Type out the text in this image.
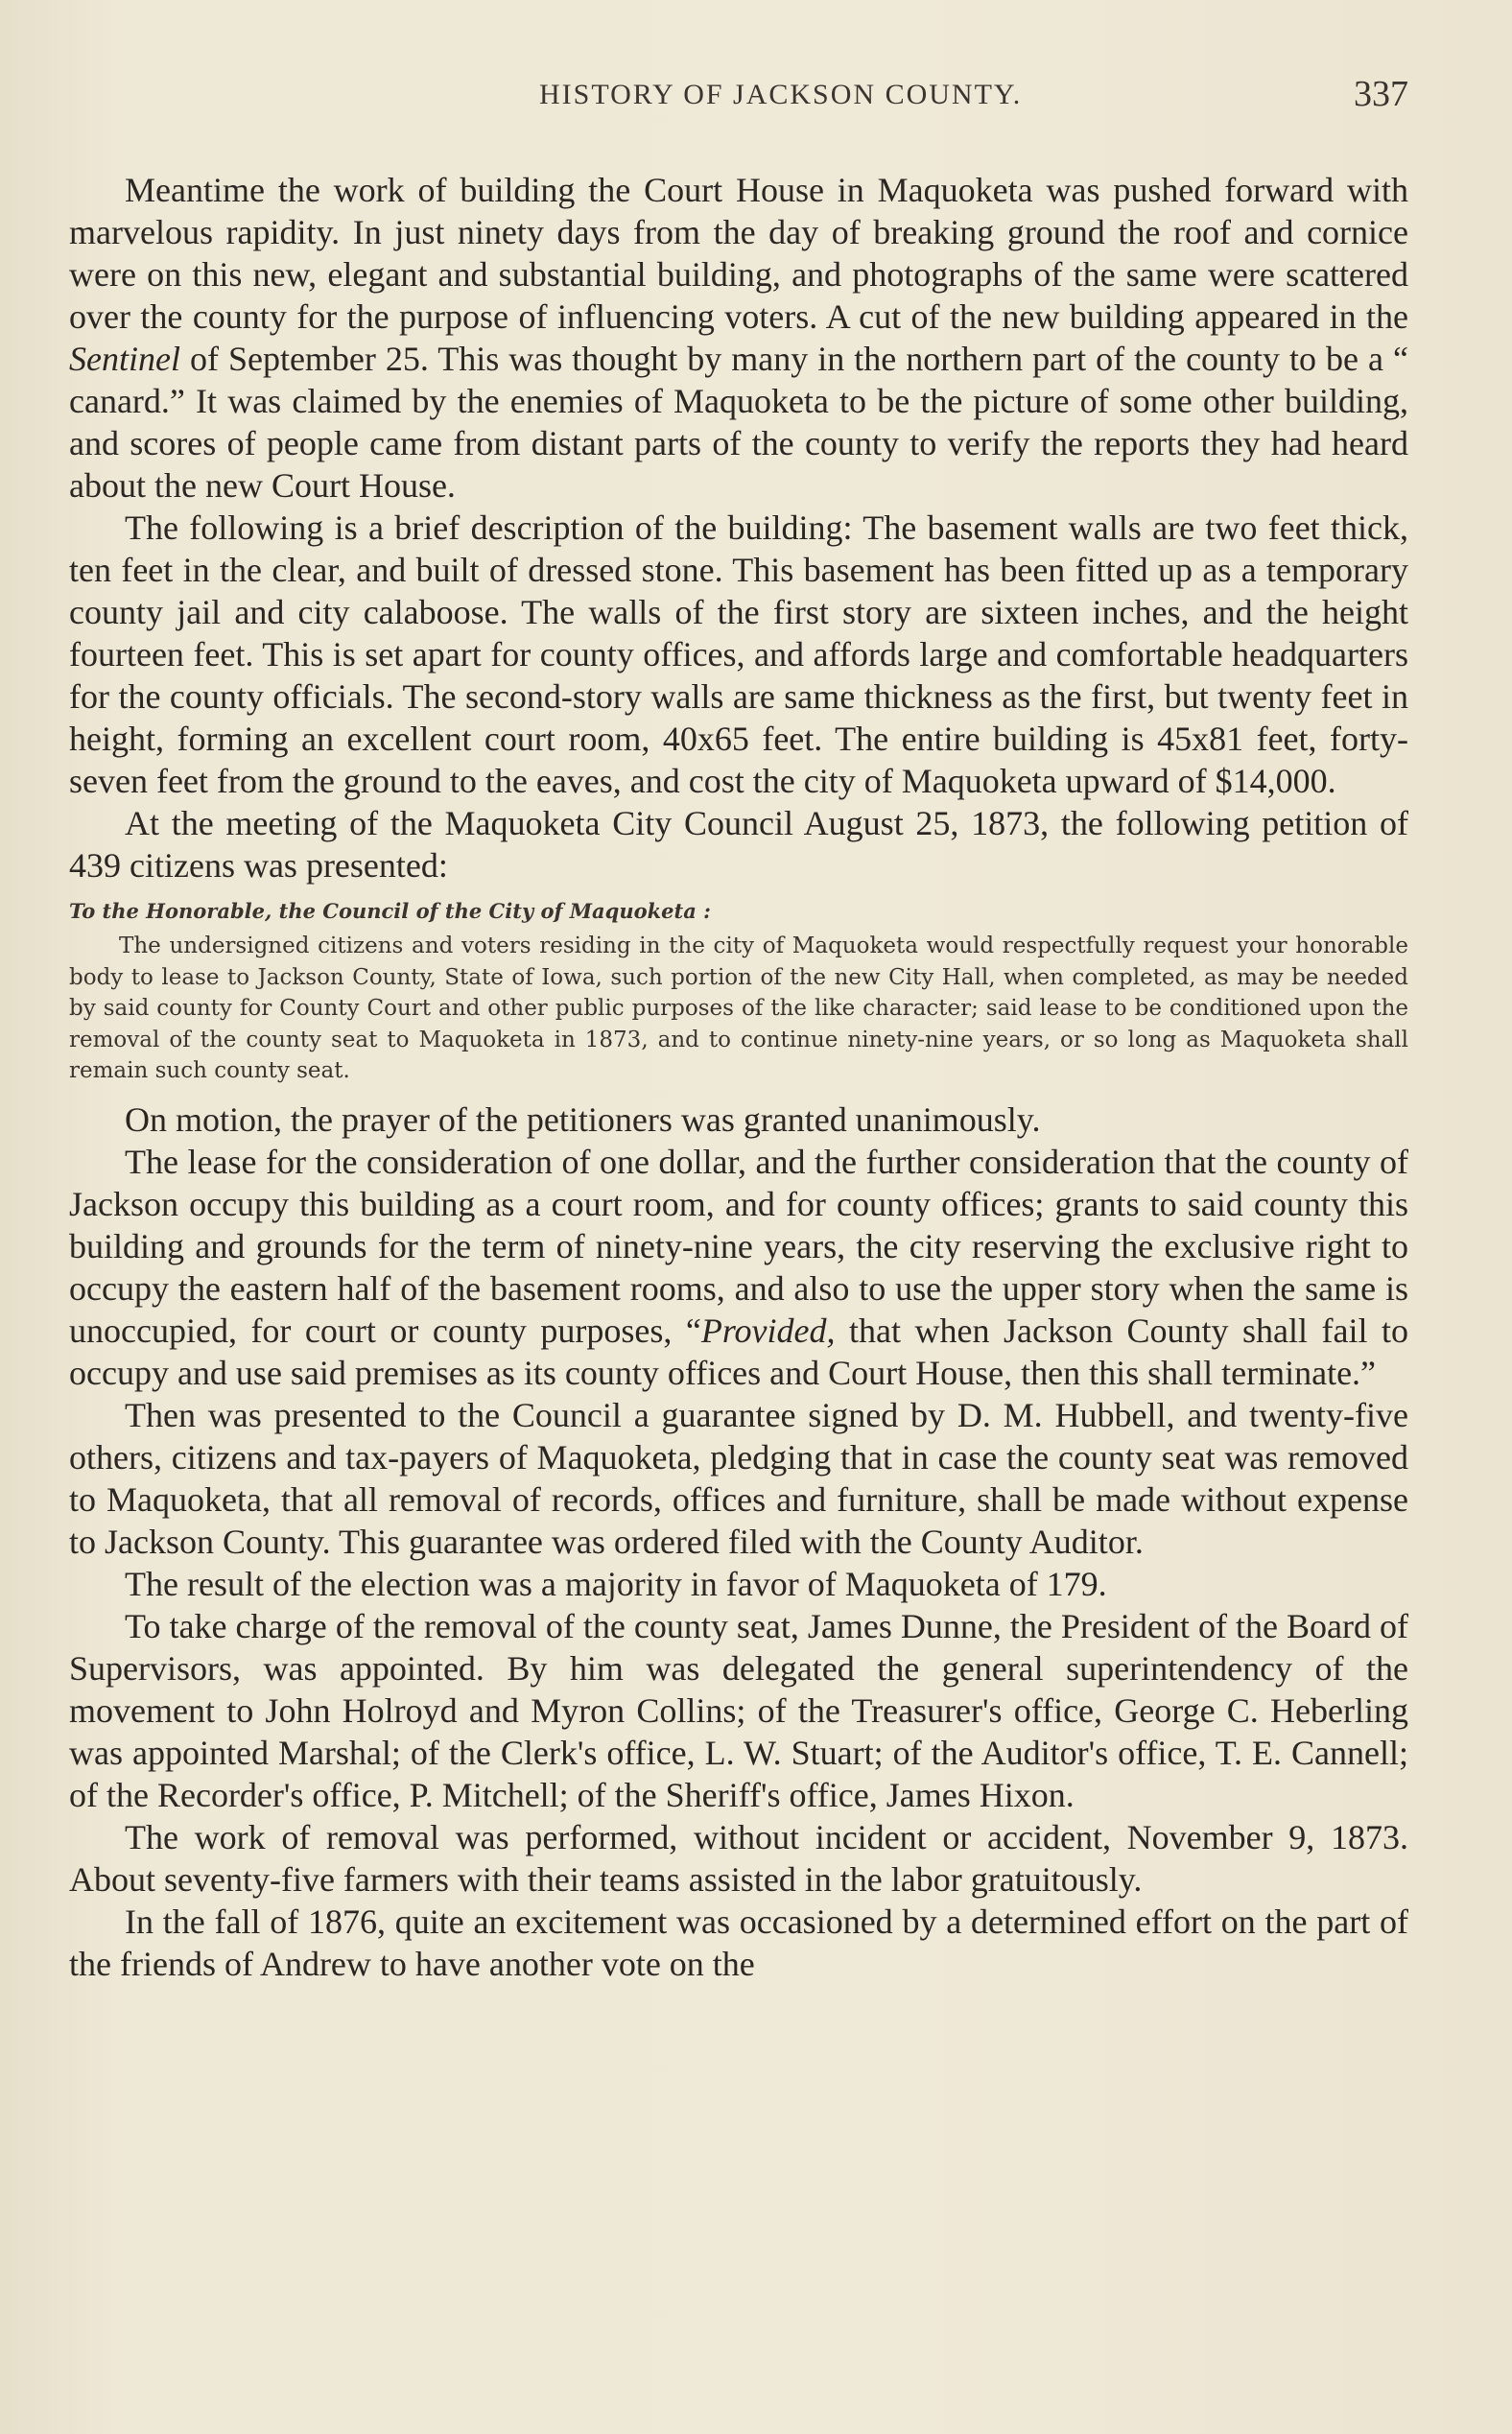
HISTORY OF JACKSON COUNTY.	337

Meantime the work of building the Court House in Maquoketa was pushed forward with marvelous rapidity. In just ninety days from the day of breaking ground the roof and cornice were on this new, elegant and substantial building, and photographs of the same were scattered over the county for the purpose of influencing voters. A cut of the new building appeared in the Sentinel of September 25. This was thought by many in the northern part of the county to be a “ canard.” It was claimed by the enemies of Maquoketa to be the picture of some other building, and scores of people came from distant parts of the county to verify the reports they had heard about the new Court House.

The following is a brief description of the building: The basement walls are two feet thick, ten feet in the clear, and built of dressed stone. This basement has been fitted up as a temporary county jail and city calaboose. The walls of the first story are sixteen inches, and the height fourteen feet. This is set apart for county offices, and affords large and comfortable headquarters for the county officials. The second-story walls are same thickness as the first, but twenty feet in height, forming an excellent court room, 40x65 feet. The entire building is 45x81 feet, forty-seven feet from the ground to the eaves, and cost the city of Maquoketa upward of $14,000.

At the meeting of the Maquoketa City Council August 25, 1873, the following petition of 439 citizens was presented:

To the Honorable, the Council of the City of Maquoketa :

The undersigned citizens and voters residing in the city of Maquoketa would respectfully request your honorable body to lease to Jackson County, State of Iowa, such portion of the new City Hall, when completed, as may be needed by said county for County Court and other public purposes of the like character; said lease to be conditioned upon the removal of the county seat to Maquoketa in 1873, and to continue ninety-nine years, or so long as Maquoketa shall remain such county seat.

On motion, the prayer of the petitioners was granted unanimously.

The lease for the consideration of one dollar, and the further consideration that the county of Jackson occupy this building as a court room, and for county offices; grants to said county this building and grounds for the term of ninety-nine years, the city reserving the exclusive right to occupy the eastern half of the basement rooms, and also to use the upper story when the same is unoccupied, for court or county purposes, “Provided, that when Jackson County shall fail to occupy and use said premises as its county offices and Court House, then this shall terminate.”

Then was presented to the Council a guarantee signed by D. M. Hubbell, and twenty-five others, citizens and tax-payers of Maquoketa, pledging that in case the county seat was removed to Maquoketa, that all removal of records, offices and furniture, shall be made without expense to Jackson County. This guarantee was ordered filed with the County Auditor.

The result of the election was a majority in favor of Maquoketa of 179.

To take charge of the removal of the county seat, James Dunne, the President of the Board of Supervisors, was appointed. By him was delegated the general superintendency of the movement to John Holroyd and Myron Collins; of the Treasurer's office, George C. Heberling was appointed Marshal; of the Clerk's office, L. W. Stuart; of the Auditor's office, T. E. Cannell; of the Recorder's office, P. Mitchell; of the Sheriff's office, James Hixon.

The work of removal was performed, without incident or accident, November 9, 1873. About seventy-five farmers with their teams assisted in the labor gratuitously.

In the fall of 1876, quite an excitement was occasioned by a determined effort on the part of the friends of Andrew to have another vote on the
